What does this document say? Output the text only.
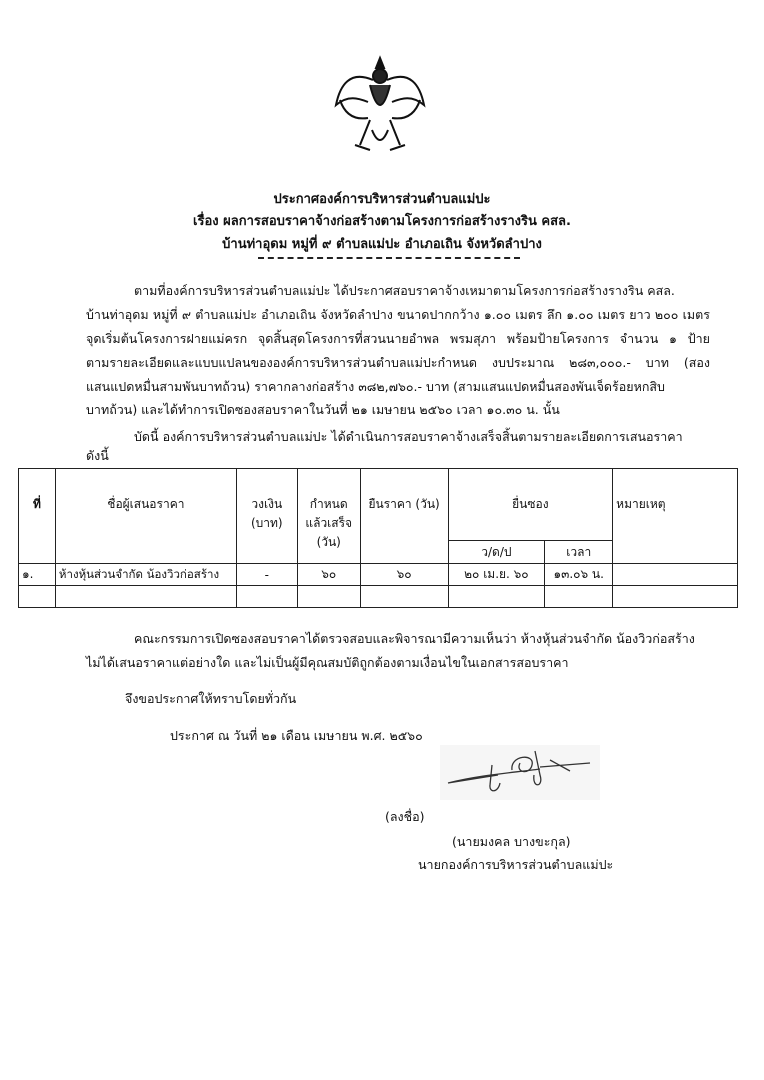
ประกาศองค์การบริหารส่วนตำบลแม่ปะ
เรื่อง ผลการสอบราคาจ้างก่อสร้างตามโครงการก่อสร้างรางริน คสล.
บ้านท่าอุดม หมู่ที่ ๙ ตำบลแม่ปะ อำเภอเถิน จังหวัดลำปาง
ตามที่องค์การบริหารส่วนตำบลแม่ปะ ได้ประกาศสอบราคาจ้างเหมาตามโครงการก่อสร้างรางริน คสล.
บ้านท่าอุดม หมู่ที่ ๙ ตำบลแม่ปะ อำเภอเถิน จังหวัดลำปาง ขนาดปากกว้าง ๑.๐๐ เมตร ลึก ๑.๐๐ เมตร ยาว ๒๐๐ เมตร
จุดเริ่มต้นโครงการฝายแม่ครก จุดสิ้นสุดโครงการที่สวนนายอำพล พรมสุภา พร้อมป้ายโครงการ จำนวน ๑ ป้าย
ตามรายละเอียดและแบบแปลนขององค์การบริหารส่วนตำบลแม่ปะกำหนด งบประมาณ ๒๘๓,๐๐๐.- บาท (สอง
แสนแปดหมื่นสามพันบาทถ้วน) ราคากลางก่อสร้าง ๓๘๒,๗๖๐.- บาท (สามแสนแปดหมื่นสองพันเจ็ดร้อยหกสิบ
บาทถ้วน) และได้ทำการเปิดซองสอบราคาในวันที่ ๒๑ เมษายน ๒๕๖๐ เวลา ๑๐.๓๐ น. นั้น
บัดนี้ องค์การบริหารส่วนตำบลแม่ปะ ได้ดำเนินการสอบราคาจ้างเสร็จสิ้นตามรายละเอียดการเสนอราคา
ดังนี้
ที่	ชื่อผู้เสนอราคา	วงเงิน (บาท)	กำหนด แล้วเสร็จ (วัน)	ยืนราคา (วัน)	ยื่นซอง		หมายเหตุ
					ว/ด/ป	เวลา	
๑.	ห้างหุ้นส่วนจำกัด น้องวิวก่อสร้าง	-	๖๐	๖๐	๒๐ เม.ย. ๖๐	๑๓.๐๖ น.	

คณะกรรมการเปิดซองสอบราคาได้ตรวจสอบและพิจารณามีความเห็นว่า ห้างหุ้นส่วนจำกัด น้องวิวก่อสร้าง
ไม่ได้เสนอราคาแต่อย่างใด และไม่เป็นผู้มีคุณสมบัติถูกต้องตามเงื่อนไขในเอกสารสอบราคา
จึงขอประกาศให้ทราบโดยทั่วกัน
ประกาศ ณ วันที่ ๒๑ เดือน เมษายน พ.ศ. ๒๕๖๐
(ลงชื่อ)
(นายมงคล บางขะกุล)
นายกองค์การบริหารส่วนตำบลแม่ปะ
